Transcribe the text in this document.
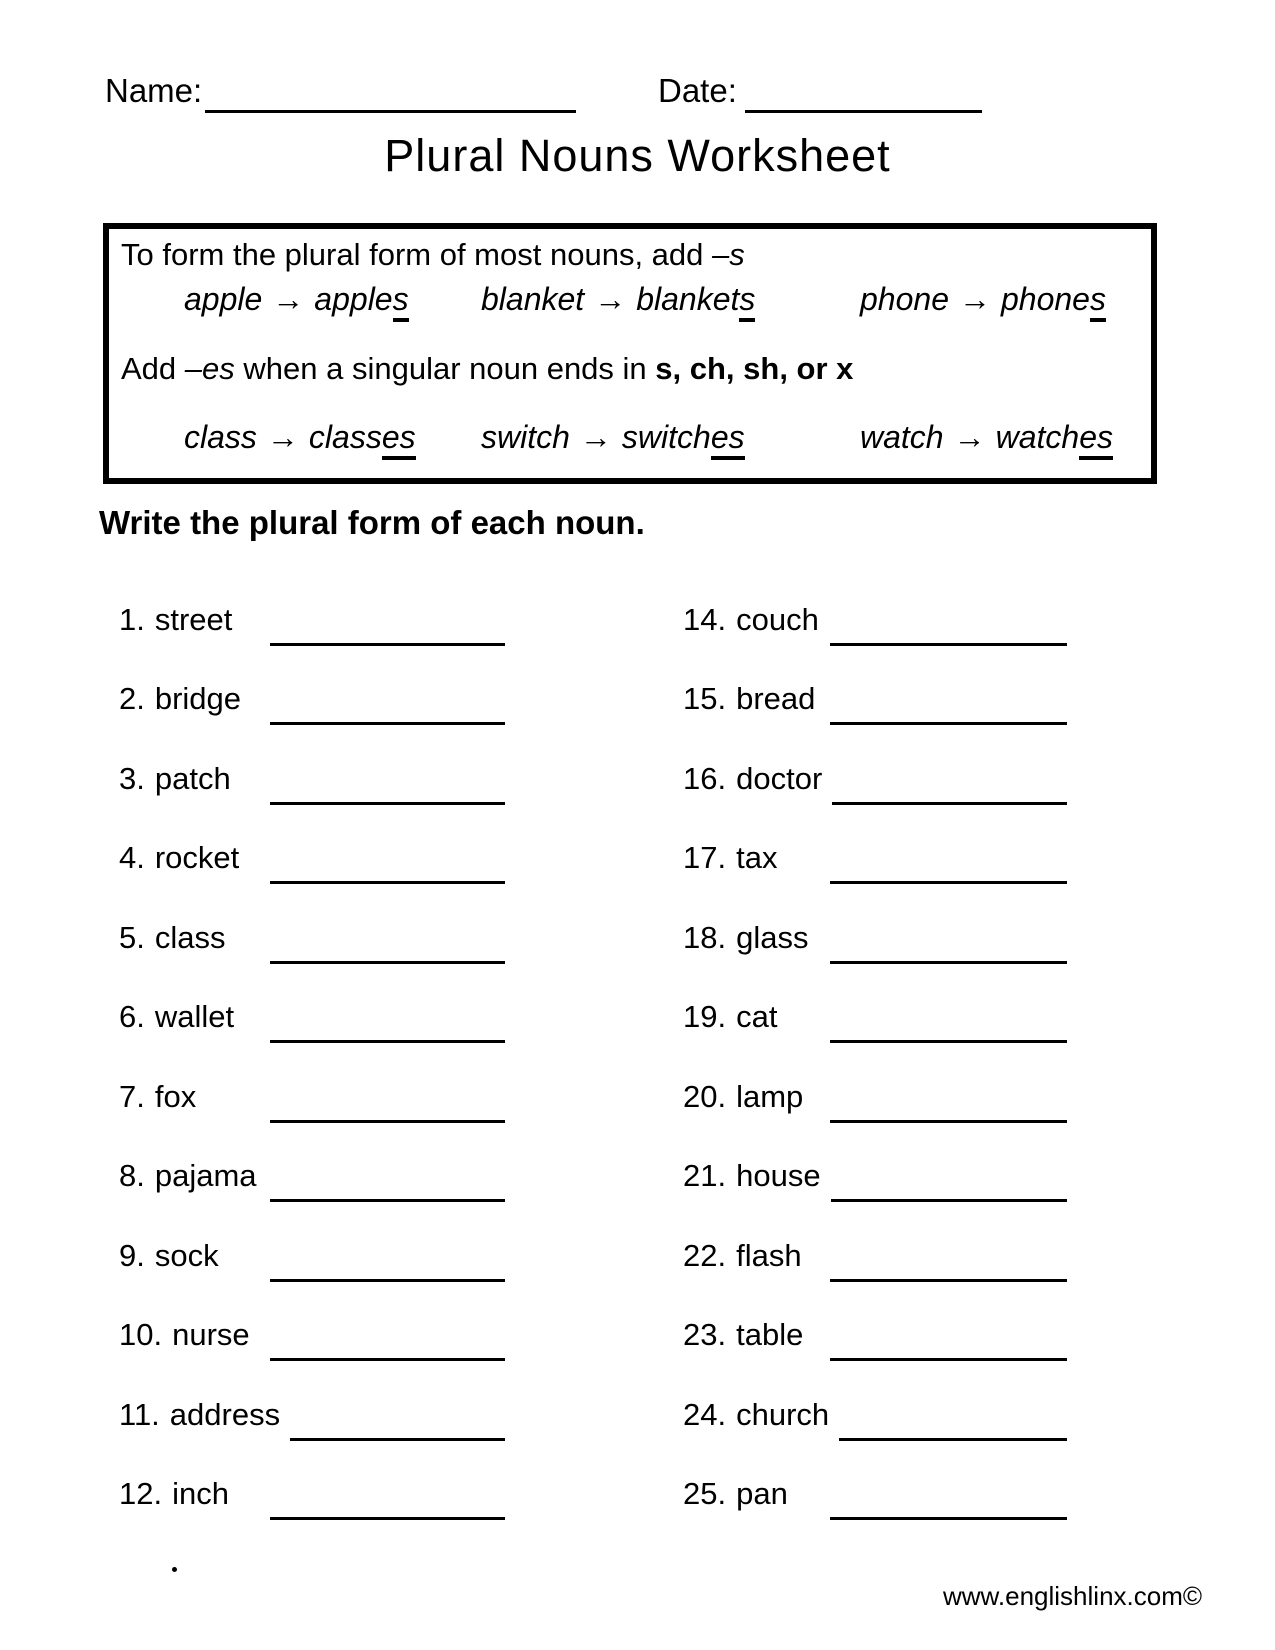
Name:	Date:
Plural Nouns Worksheet
To form the plural form of most nouns, add –s
apple → apples blanket → blankets	phone → phones
Add –es when a singular noun ends in s, ch, sh, or x
class → classes switch → switches	watch → watches
Write the plural form of each noun.
1. street
2. bridge
3. patch
4. rocket
5. class
6. wallet
7. fox
8. pajama
9. sock
10. nurse
11. address
12. inch
14. couch
15. bread
16. doctor
17. tax
18. glass
19. cat
20. lamp
21. house
22. flash
23. table
24. church
25. pan
www.englishlinx.com©
